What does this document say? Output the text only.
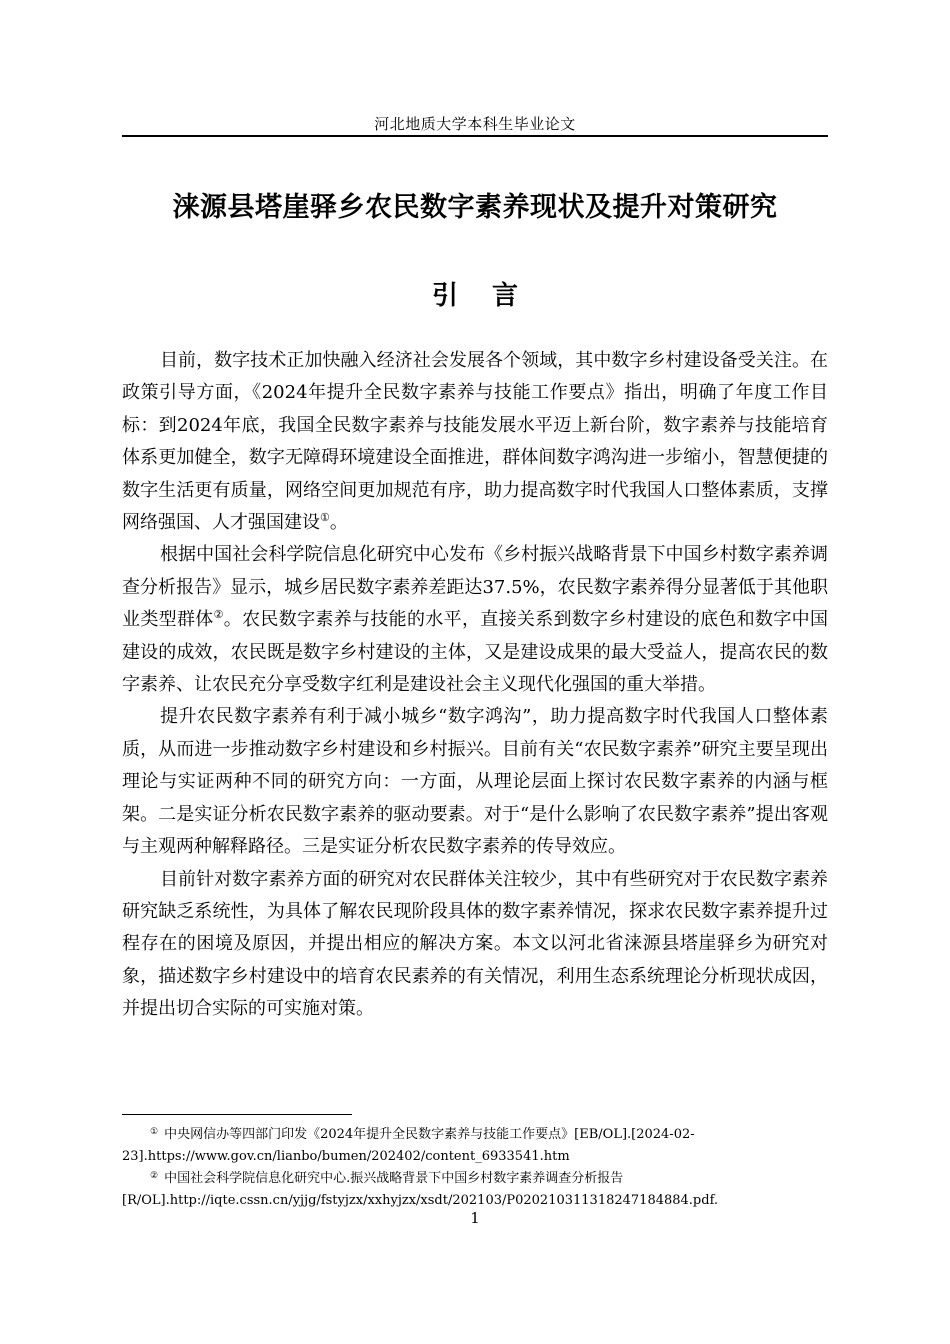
河北地质大学本科生毕业论文
涞源县塔崖驿乡农民数字素养现状及提升对策研究
引 言

目前，数字技术正加快融入经济社会发展各个领域，其中数字乡村建设备受关注。在政策引导方面，《2024年提升全民数字素养与技能工作要点》指出，明确了年度工作目标：到2024年底，我国全民数字素养与技能发展水平迈上新台阶，数字素养与技能培育体系更加健全，数字无障碍环境建设全面推进，群体间数字鸿沟进一步缩小，智慧便捷的数字生活更有质量，网络空间更加规范有序，助力提高数字时代我国人口整体素质，支撑网络强国、人才强国建设①。

根据中国社会科学院信息化研究中心发布《乡村振兴战略背景下中国乡村数字素养调查分析报告》显示，城乡居民数字素养差距达37.5%，农民数字素养得分显著低于其他职业类型群体②。农民数字素养与技能的水平，直接关系到数字乡村建设的底色和数字中国建设的成效，农民既是数字乡村建设的主体，又是建设成果的最大受益人，提高农民的数字素养、让农民充分享受数字红利是建设社会主义现代化强国的重大举措。

提升农民数字素养有利于减小城乡“数字鸿沟”，助力提高数字时代我国人口整体素质，从而进一步推动数字乡村建设和乡村振兴。目前有关“农民数字素养”研究主要呈现出理论与实证两种不同的研究方向：一方面，从理论层面上探讨农民数字素养的内涵与框架。二是实证分析农民数字素养的驱动要素。对于“是什么影响了农民数字素养”提出客观与主观两种解释路径。三是实证分析农民数字素养的传导效应。

目前针对数字素养方面的研究对农民群体关注较少，其中有些研究对于农民数字素养研究缺乏系统性，为具体了解农民现阶段具体的数字素养情况，探求农民数字素养提升过程存在的困境及原因，并提出相应的解决方案。本文以河北省涞源县塔崖驿乡为研究对象，描述数字乡村建设中的培育农民素养的有关情况，利用生态系统理论分析现状成因，并提出切合实际的可实施对策。

① 中央网信办等四部门印发《2024年提升全民数字素养与技能工作要点》[EB/OL].[2024-02-23].https://www.gov.cn/lianbo/bumen/202402/content_6933541.htm

② 中国社会科学院信息化研究中心.振兴战略背景下中国乡村数字素养调查分析报告[R/OL].http://iqte.cssn.cn/yjjg/fstyjzx/xxhyjzx/xsdt/202103/P020210311318247184884.pdf.

1
